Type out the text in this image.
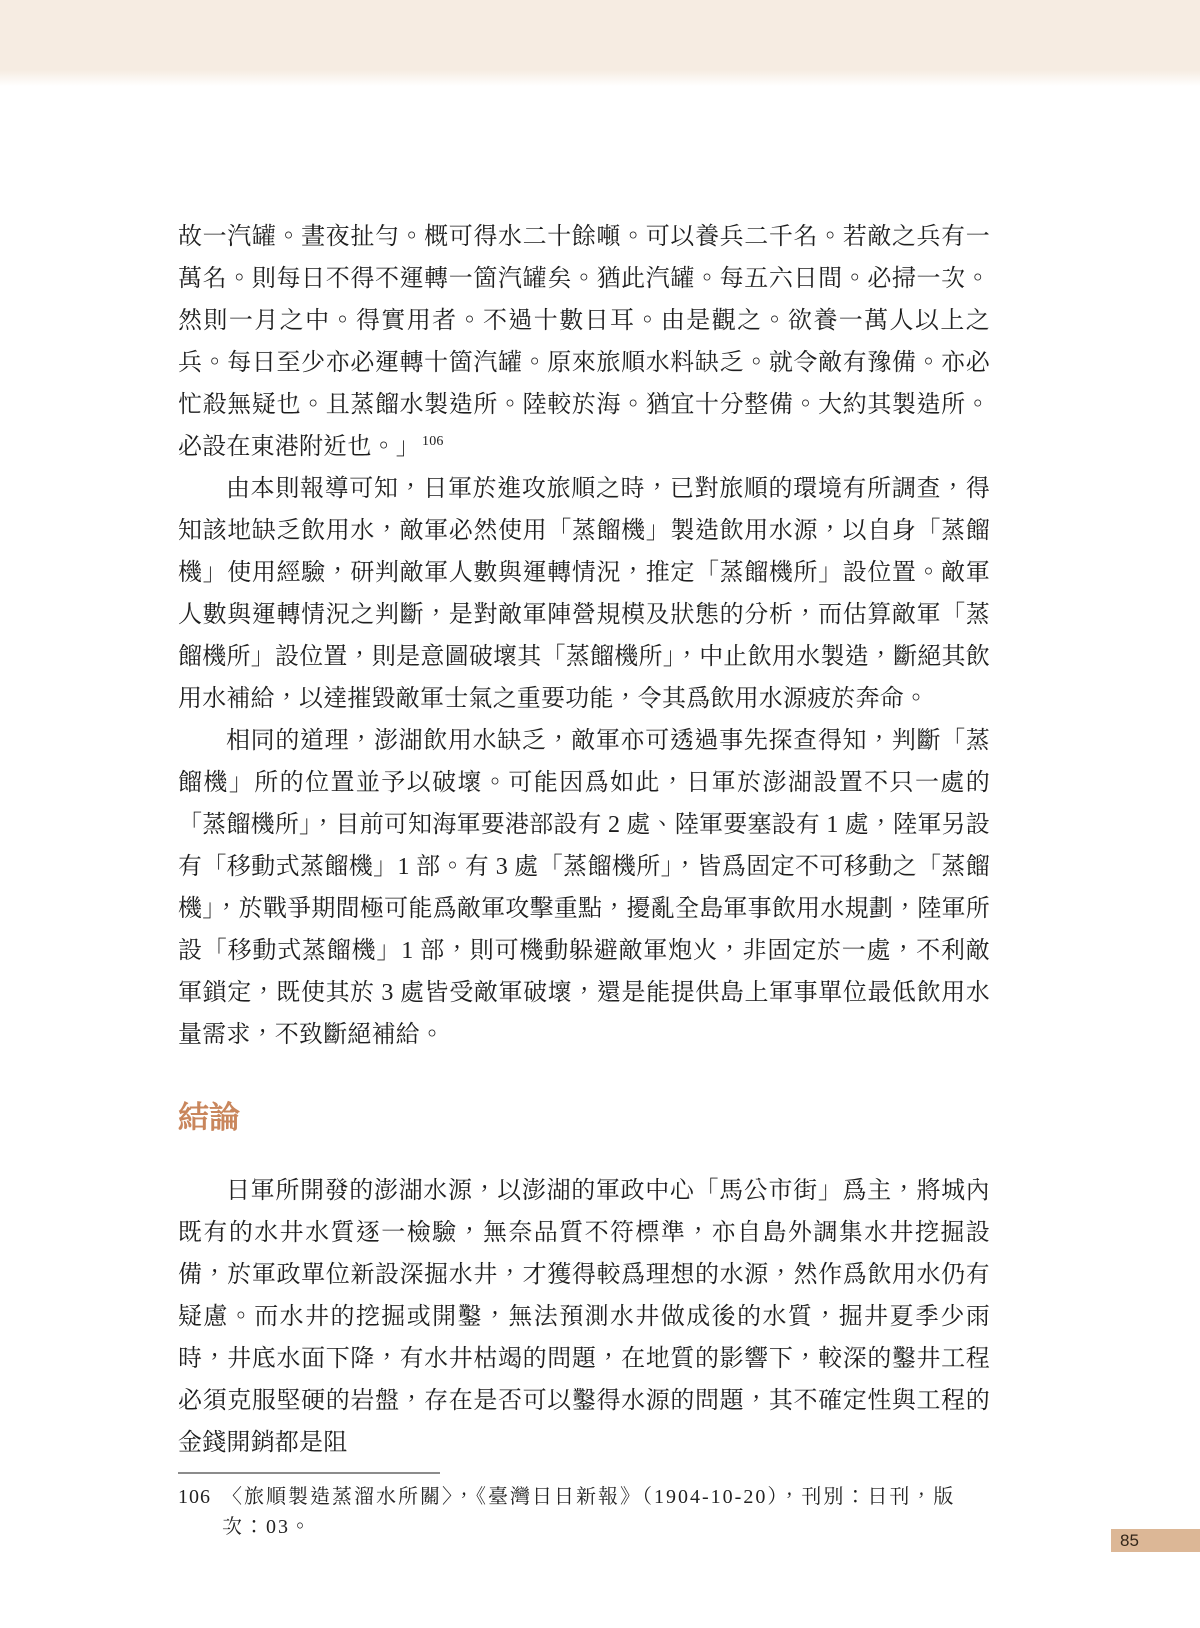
故一汽罐。晝夜扯勻。概可得水二十餘噸。可以養兵二千名。若敵之兵有一萬名。則每日不得不運轉一箇汽罐矣。猶此汽罐。每五六日間。必掃一次。然則一月之中。得實用者。不過十數日耳。由是觀之。欲養一萬人以上之兵。每日至少亦必運轉十箇汽罐。原來旅順水料缺乏。就令敵有豫備。亦必忙殺無疑也。且蒸餾水製造所。陸較於海。猶宜十分整備。大約其製造所。必設在東港附近也。」 $^{106}$

由本則報導可知，日軍於進攻旅順之時，已對旅順的環境有所調查，得知該地缺乏飲用水，敵軍必然使用「蒸餾機」製造飲用水源，以自身「蒸餾機」使用經驗，研判敵軍人數與運轉情況，推定「蒸餾機所」設位置。敵軍人數與運轉情況之判斷，是對敵軍陣營規模及狀態的分析，而估算敵軍「蒸餾機所」設位置，則是意圖破壞其「蒸餾機所」，中止飲用水製造，斷絕其飲用水補給，以達摧毀敵軍士氣之重要功能，令其爲飲用水源疲於奔命。

相同的道理，澎湖飲用水缺乏，敵軍亦可透過事先探查得知，判斷「蒸餾機」所的位置並予以破壞。可能因爲如此，日軍於澎湖設置不只一處的「蒸餾機所」，目前可知海軍要港部設有 2 處、陸軍要塞設有 1 處，陸軍另設有「移動式蒸餾機」1 部。有 3 處「蒸餾機所」，皆爲固定不可移動之「蒸餾機」，於戰爭期間極可能爲敵軍攻擊重點，擾亂全島軍事飲用水規劃，陸軍所設「移動式蒸餾機」1 部，則可機動躲避敵軍炮火，非固定於一處，不利敵軍鎖定，既使其於 3 處皆受敵軍破壞，還是能提供島上軍事單位最低飲用水量需求，不致斷絕補給。

結論

日軍所開發的澎湖水源，以澎湖的軍政中心「馬公市街」爲主，將城內既有的水井水質逐一檢驗，無奈品質不符標準，亦自島外調集水井挖掘設備，於軍政單位新設深掘水井，才獲得較爲理想的水源，然作爲飲用水仍有疑慮。而水井的挖掘或開鑿，無法預測水井做成後的水質，掘井夏季少雨時，井底水面下降，有水井枯竭的問題，在地質的影響下，較深的鑿井工程必須克服堅硬的岩盤，存在是否可以鑿得水源的問題，其不確定性與工程的金錢開銷都是阻

106 〈旅順製造蒸溜水所關〉，《臺灣日日新報》（1904-10-20），刊別：日刊，版次：03。
85
